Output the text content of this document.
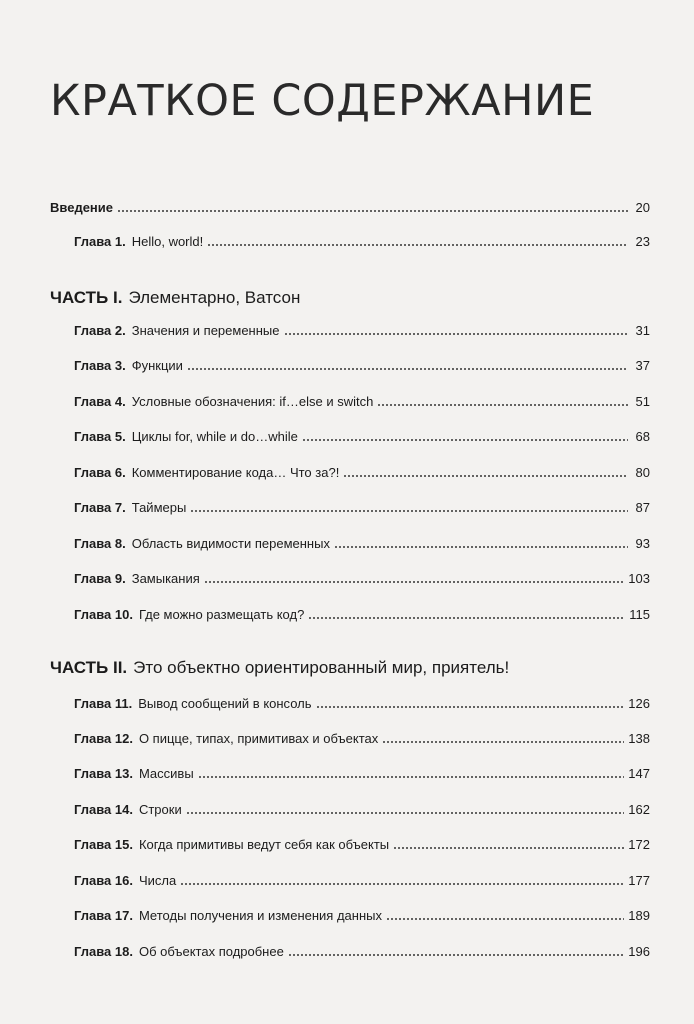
КРАТКОЕ СОДЕРЖАНИЕ
Введение	20
Глава 1. Hello, world!	23
ЧАСТЬ I. Элементарно, Ватсон
Глава 2. Значения и переменные	31
Глава 3. Функции	37
Глава 4. Условные обозначения: if…else и switch	51
Глава 5. Циклы for, while и do…while	68
Глава 6. Комментирование кода… Что за?!	80
Глава 7. Таймеры	87
Глава 8. Область видимости переменных	93
Глава 9. Замыкания	103
Глава 10. Где можно размещать код?	115
ЧАСТЬ II. Это объектно ориентированный мир, приятель!
Глава 11. Вывод сообщений в консоль	126
Глава 12. О пицце, типах, примитивах и объектах	138
Глава 13. Массивы	147
Глава 14. Строки	162
Глава 15. Когда примитивы ведут себя как объекты	172
Глава 16. Числа	177
Глава 17. Методы получения и изменения данных	189
Глава 18. Об объектах подробнее	196
